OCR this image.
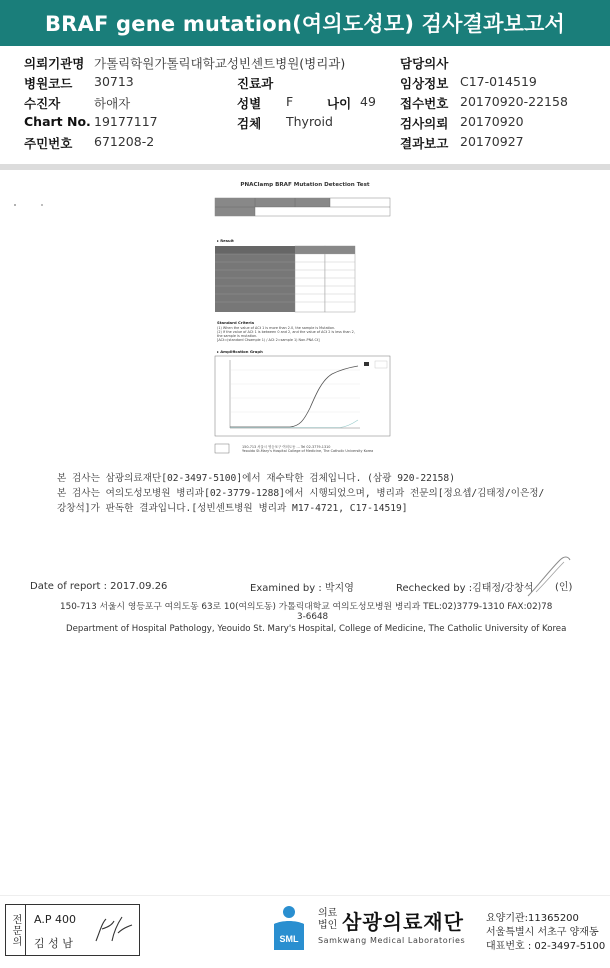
BRAF gene mutation(여의도성모) 검사결과보고서
의뢰기관명 가톨릭학원가톨릭대학교성빈센트병원(병리과)	담당의사
병원코드 30713	진료과	임상정보 C17-014519
수진자	하애자	성별 F	나이 49 접수번호 20170920-22158
Chart No. 19177117	검체 Thyroid	검사의뢰 20170920
주민번호 671208-2	결과보고 20170927
PNAClamp BRAF Mutation Detection Test
▸ Result
Standard Criteria
(1) When the value of ΔCt 1 is more than 2.0, the sample is Mutation.
(2) If the value of ΔCt 1 is between 0 and 2, and the value of ΔCt 2 is less than 2,
the sample is mutation.
[ΔCt=(standard Ctsample 1) / ΔCt 2=sample 1) Non-PNA Ct]
▸ Amplification Graph
150-713 서울시 영등포구 여의도동 ... Tel 02-3779-1310
Yeouido St.Mary's Hospital College of Medicine, The Catholic University Korea
본 검사는 삼광의료재단[02-3497-5100]에서 재수탁한 검체입니다. (삼광 920-22158)
본 검사는 여의도성모병원 병리과[02-3779-1288]에서 시행되었으며, 병리과 전문의[정요셉/김태정/이은정/
강창석]가 판독한 결과입니다.[성빈센트병원 병리과 M17-4721, C17-14519]
Date of report : 2017.09.26	Examined by : 박지영	Rechecked by :김태정/강창석 (인)
150-713 서울시 영등포구 여의도동 63로 10(여의도동) 가톨릭대학교 여의도성모병원 병리과 TEL:02)3779-1310 FAX:02)78
3-6648
Department of Hospital Pathology, Yeouido St. Mary's Hospital, College of Medicine, The Catholic University of Korea
전문의	A.P 400
김 성 남	SML
의료
법인 삼광의료재단
Samkwang Medical Laboratories
요양기관:11365200
서울특별시 서초구 양재동
대표번호 : 02-3497-5100
